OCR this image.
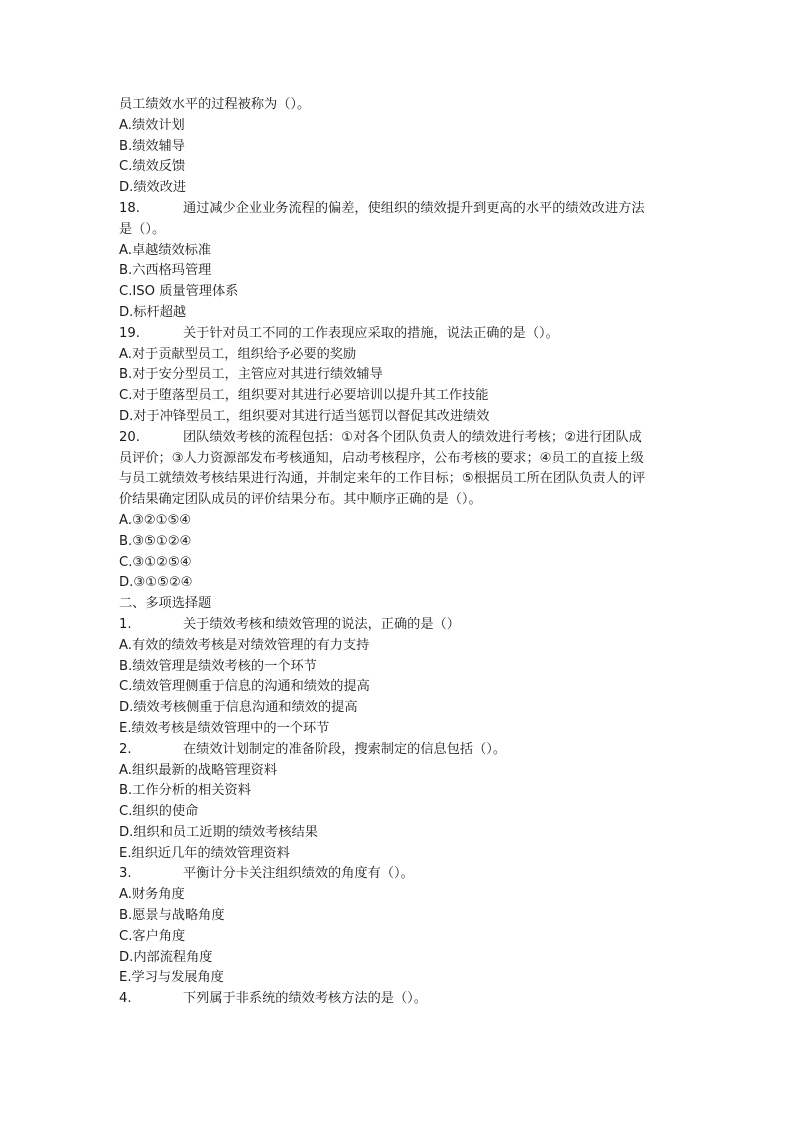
员工绩效水平的过程被称为（）。
A.绩效计划
B.绩效辅导
C.绩效反馈
D.绩效改进
18.	通过减少企业业务流程的偏差，使组织的绩效提升到更高的水平的绩效改进方法
是（）。
A.卓越绩效标准
B.六西格玛管理
C.ISO 质量管理体系
D.标杆超越
19.	关于针对员工不同的工作表现应采取的措施，说法正确的是（）。
A.对于贡献型员工，组织给予必要的奖励
B.对于安分型员工，主管应对其进行绩效辅导
C.对于堕落型员工，组织要对其进行必要培训以提升其工作技能
D.对于冲锋型员工，组织要对其进行适当惩罚以督促其改进绩效
20.	团队绩效考核的流程包括：①对各个团队负责人的绩效进行考核；②进行团队成
员评价；③人力资源部发布考核通知，启动考核程序，公布考核的要求；④员工的直接上级
与员工就绩效考核结果进行沟通，并制定来年的工作目标；⑤根据员工所在团队负责人的评
价结果确定团队成员的评价结果分布。其中顺序正确的是（）。
A.③②①⑤④
B.③⑤①②④
C.③①②⑤④
D.③①⑤②④
二、多项选择题
1.	关于绩效考核和绩效管理的说法，正确的是（）
A.有效的绩效考核是对绩效管理的有力支持
B.绩效管理是绩效考核的一个环节
C.绩效管理侧重于信息的沟通和绩效的提高
D.绩效考核侧重于信息沟通和绩效的提高
E.绩效考核是绩效管理中的一个环节
2.	在绩效计划制定的准备阶段，搜索制定的信息包括（）。
A.组织最新的战略管理资料
B.工作分析的相关资料
C.组织的使命
D.组织和员工近期的绩效考核结果
E.组织近几年的绩效管理资料
3.	平衡计分卡关注组织绩效的角度有（）。
A.财务角度
B.愿景与战略角度
C.客户角度
D.内部流程角度
E.学习与发展角度
4.	下列属于非系统的绩效考核方法的是（）。
